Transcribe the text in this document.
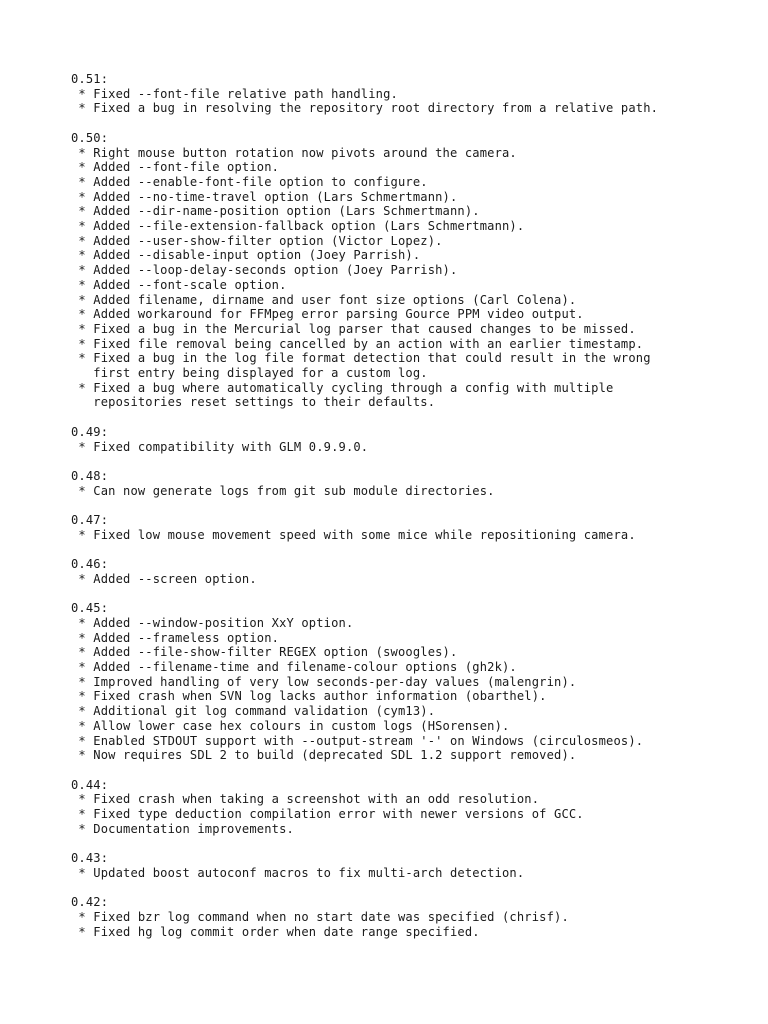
0.51:
* Fixed --font-file relative path handling.
* Fixed a bug in resolving the repository root directory from a relative path.
0.50:
* Right mouse button rotation now pivots around the camera.
* Added --font-file option.
* Added --enable-font-file option to configure.
* Added --no-time-travel option (Lars Schmertmann).
* Added --dir-name-position option (Lars Schmertmann).
* Added --file-extension-fallback option (Lars Schmertmann).
* Added --user-show-filter option (Victor Lopez).
* Added --disable-input option (Joey Parrish).
* Added --loop-delay-seconds option (Joey Parrish).
* Added --font-scale option.
* Added filename, dirname and user font size options (Carl Colena).
* Added workaround for FFMpeg error parsing Gource PPM video output.
* Fixed a bug in the Mercurial log parser that caused changes to be missed.
* Fixed file removal being cancelled by an action with an earlier timestamp.
* Fixed a bug in the log file format detection that could result in the wrong
first entry being displayed for a custom log.
* Fixed a bug where automatically cycling through a config with multiple
repositories reset settings to their defaults.
0.49:
* Fixed compatibility with GLM 0.9.9.0.
0.48:
* Can now generate logs from git sub module directories.
0.47:
* Fixed low mouse movement speed with some mice while repositioning camera.
0.46:
* Added --screen option.
0.45:
* Added --window-position XxY option.
* Added --frameless option.
* Added --file-show-filter REGEX option (swoogles).
* Added --filename-time and filename-colour options (gh2k).
* Improved handling of very low seconds-per-day values (malengrin).
* Fixed crash when SVN log lacks author information (obarthel).
* Additional git log command validation (cym13).
* Allow lower case hex colours in custom logs (HSorensen).
* Enabled STDOUT support with --output-stream '-' on Windows (circulosmeos).
* Now requires SDL 2 to build (deprecated SDL 1.2 support removed).
0.44:
* Fixed crash when taking a screenshot with an odd resolution.
* Fixed type deduction compilation error with newer versions of GCC.
* Documentation improvements.
0.43:
* Updated boost autoconf macros to fix multi-arch detection.
0.42:
* Fixed bzr log command when no start date was specified (chrisf).
* Fixed hg log commit order when date range specified.
